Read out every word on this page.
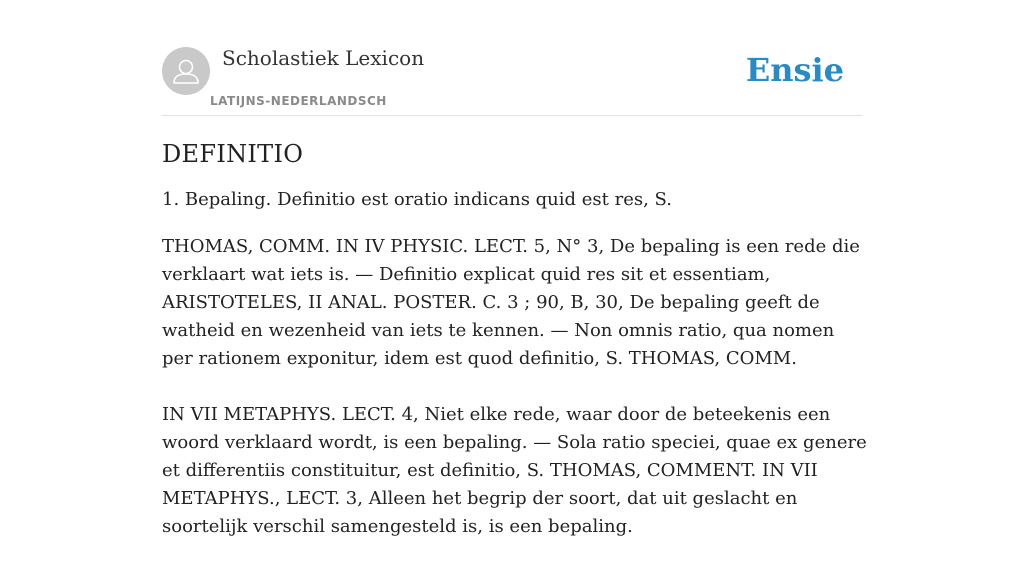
Scholastiek Lexicon
LATIJNS-NEDERLANDSCH
Ensie
DEFINITIO

1. Bepaling. Definitio est oratio indicans quid est res, S.

THOMAS, COMM. IN IV PHYSIC. LECT. 5, N° 3, De bepaling is een rede die verklaart wat iets is. — Definitio explicat quid res sit et essentiam, ARISTOTELES, II ANAL. POSTER. C. 3 ; 90, B, 30, De bepaling geeft de watheid en wezenheid van iets te kennen. — Non omnis ratio, qua nomen per rationem exponitur, idem est quod definitio, S. THOMAS, COMM.

IN VII METAPHYS. LECT. 4, Niet elke rede, waar door de beteekenis een woord verklaard wordt, is een bepaling. — Sola ratio speciei, quae ex genere et differentiis constituitur, est definitio, S. THOMAS, COMMENT. IN VII METAPHYS., LECT. 3, Alleen het begrip der soort, dat uit geslacht en soortelijk verschil samengesteld is, is een bepaling.
